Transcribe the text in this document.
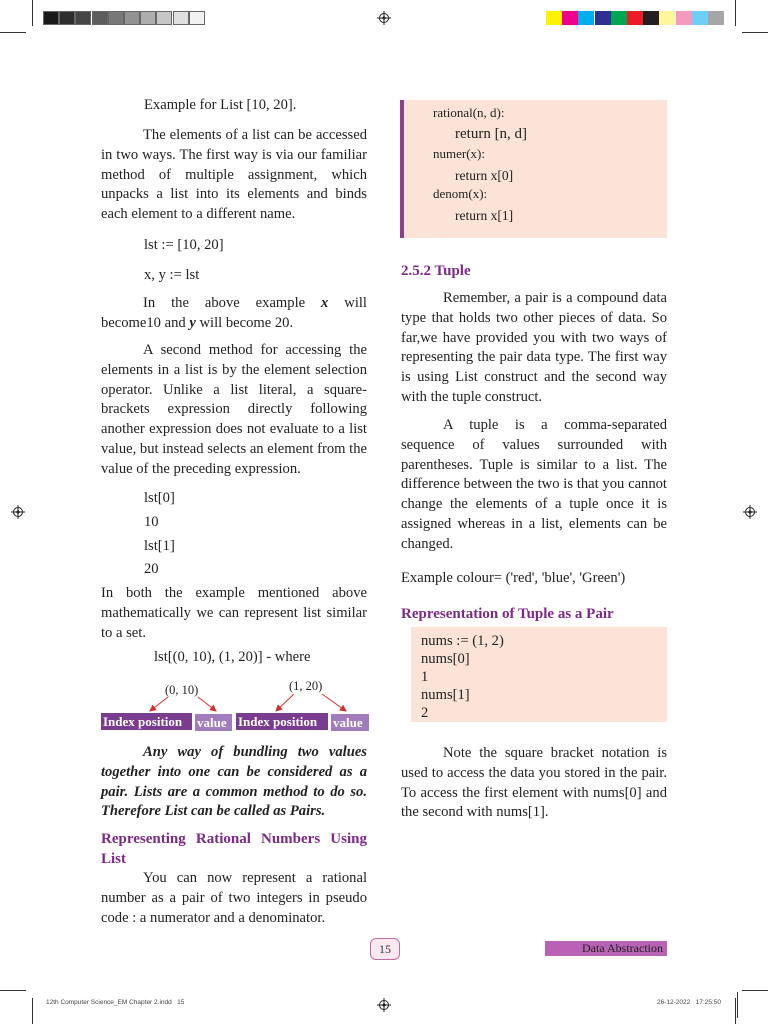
Example for List [10, 20].

The elements of a list can be accessed in two ways. The first way is via our familiar method of multiple assignment, which unpacks a list into its elements and binds each element to a different name.

lst := [10, 20]
x, y := lst

In the above example x will become10 and y will become 20.

A second method for accessing the elements in a list is by the element selection operator. Unlike a list literal, a square-brackets expression directly following another expression does not evaluate to a list value, but instead selects an element from the value of the preceding expression.

lst[0]
10
lst[1]
20

In both the example mentioned above mathematically we can represent list similar to a set.

lst[(0, 10), (1, 20)] - where
(0, 10)	(1, 20)
Index position	value Index position	value

Any way of bundling two values together into one can be considered as a pair. Lists are a common method to do so. Therefore List can be called as Pairs.

Representing Rational Numbers Using List

You can now represent a rational number as a pair of two integers in pseudo code : a numerator and a denominator.

rational(n, d):
return [n, d]
numer(x):
return x[0]
denom(x):
return x[1]
2.5.2 Tuple

Remember, a pair is a compound data type that holds two other pieces of data. So far,we have provided you with two ways of representing the pair data type. The first way is using List construct and the second way with the tuple construct.

A tuple is a comma-separated sequence of values surrounded with parentheses. Tuple is similar to a list. The difference between the two is that you cannot change the elements of a tuple once it is assigned whereas in a list, elements can be changed.

Example colour= ('red', 'blue', 'Green')
Representation of Tuple as a Pair
nums := (1, 2)
nums[0]
1
nums[1]
2

Note the square bracket notation is used to access the data you stored in the pair. To access the first element with nums[0] and the second with nums[1].

15	Data Abstraction
12th Computer Science_EM Chapter 2.indd   15	26-12-2022   17:25:50
